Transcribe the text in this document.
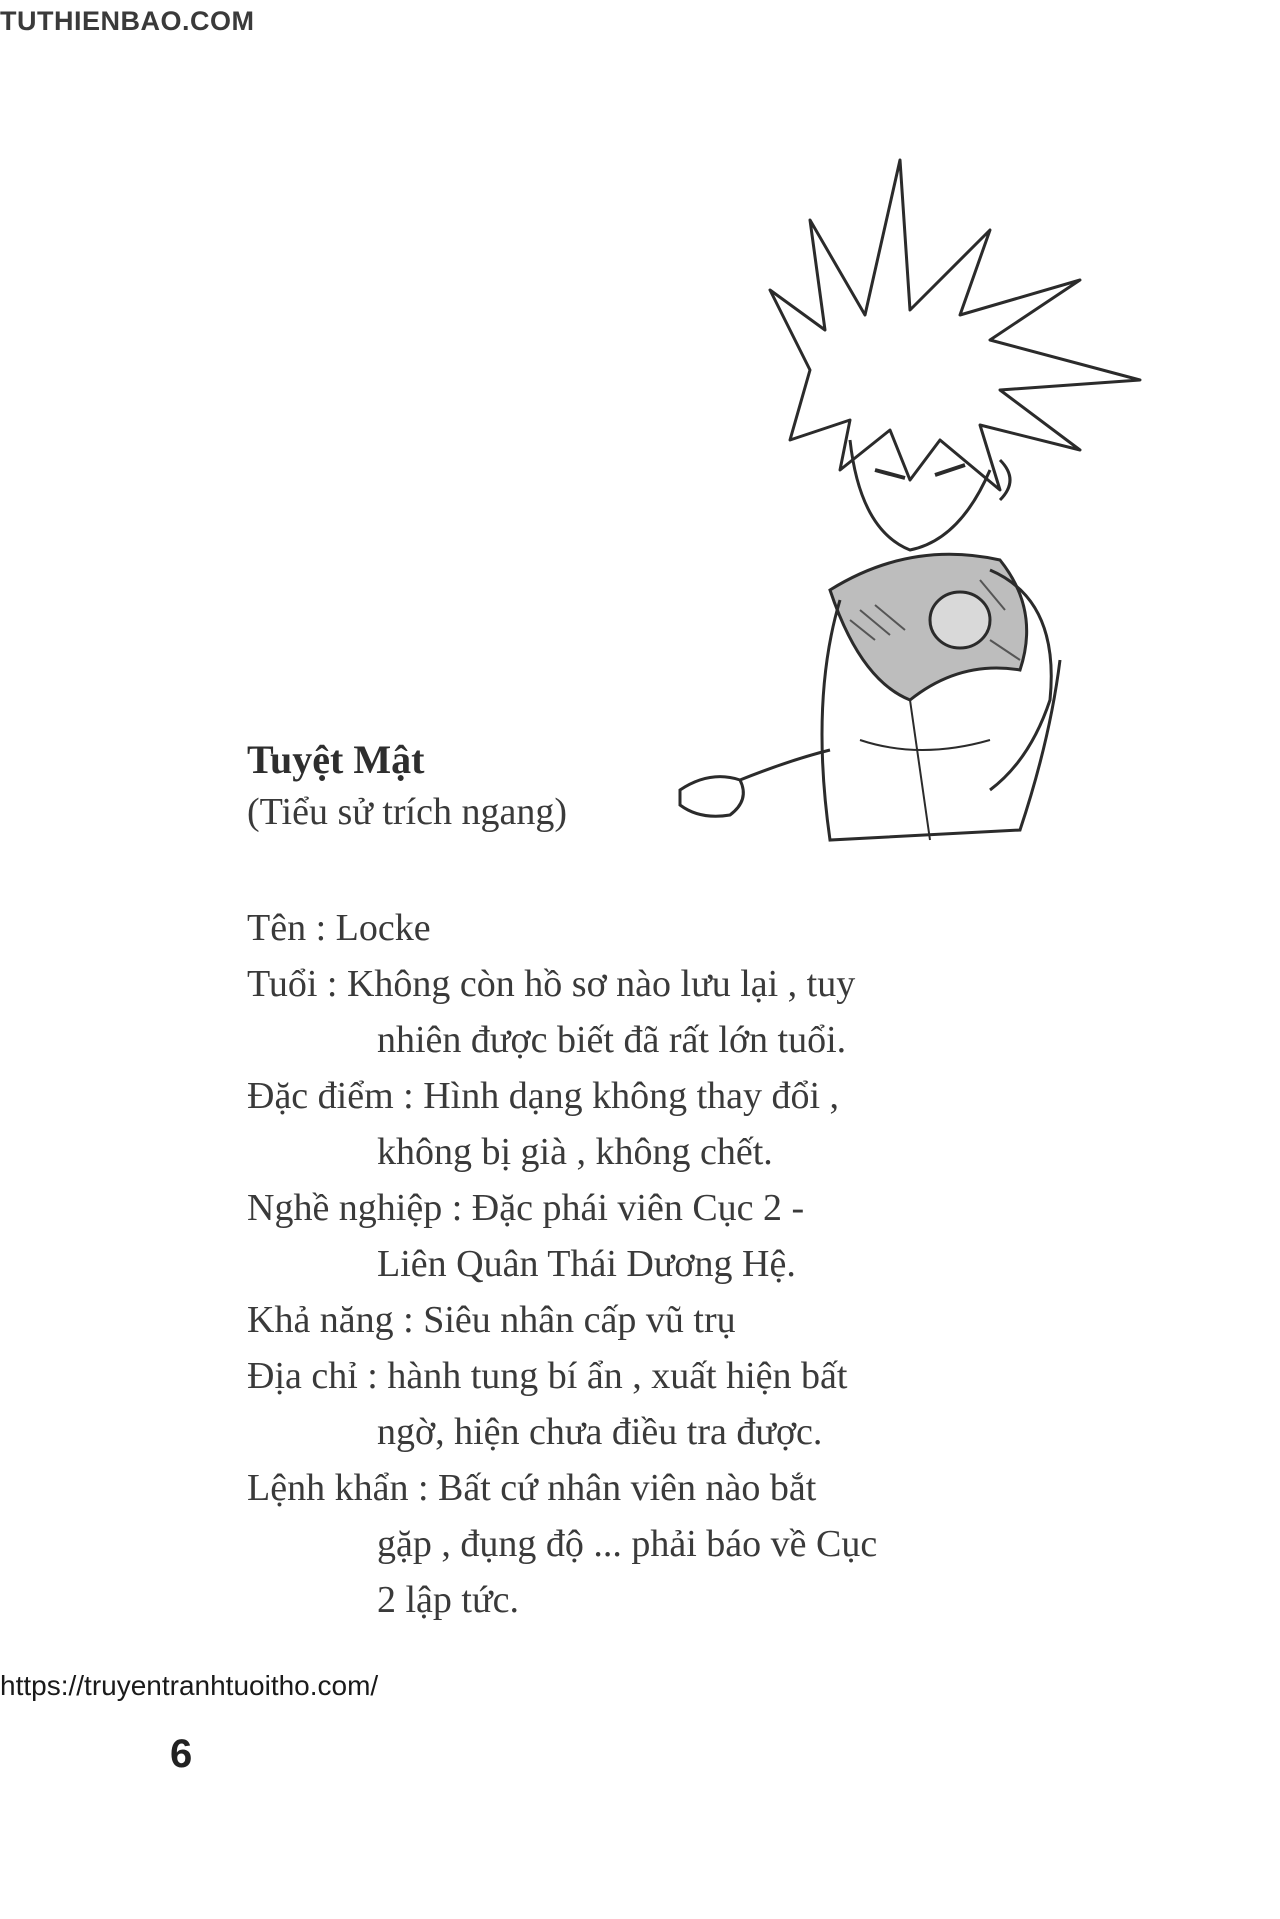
TUTHIENBAO.COM
Tuyệt Mật
(Tiểu sử trích ngang)
Tên : Locke
Tuổi : Không còn hồ sơ nào lưu lại , tuy
nhiên được biết đã rất lớn tuổi.
Đặc điểm : Hình dạng không thay đổi ,
không bị già , không chết.
Nghề nghiệp : Đặc phái viên Cục 2 -
Liên Quân Thái Dương Hệ.
Khả năng : Siêu nhân cấp vũ trụ
Địa chỉ : hành tung bí ẩn , xuất hiện bất
ngờ, hiện chưa điều tra được.
Lệnh khẩn : Bất cứ nhân viên nào bắt
gặp , đụng độ ... phải báo về Cục
2 lập tức.
https://truyentranhtuoitho.com/
6
